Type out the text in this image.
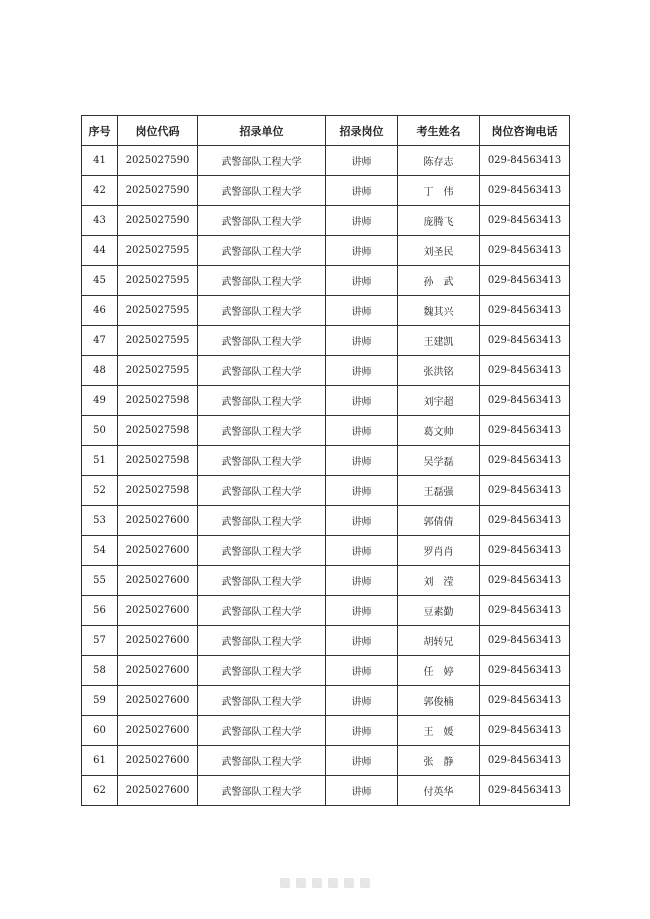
序号	岗位代码	招录单位	招录岗位	考生姓名	岗位咨询电话
41	2025027590	武警部队工程大学	讲师	陈存志	029-84563413
42	2025027590	武警部队工程大学	讲师	丁　伟	029-84563413
43	2025027590	武警部队工程大学	讲师	庞腾飞	029-84563413
44	2025027595	武警部队工程大学	讲师	刘圣民	029-84563413
45	2025027595	武警部队工程大学	讲师	孙　武	029-84563413
46	2025027595	武警部队工程大学	讲师	魏其兴	029-84563413
47	2025027595	武警部队工程大学	讲师	王建凯	029-84563413
48	2025027595	武警部队工程大学	讲师	张洪铭	029-84563413
49	2025027598	武警部队工程大学	讲师	刘宇超	029-84563413
50	2025027598	武警部队工程大学	讲师	葛文帅	029-84563413
51	2025027598	武警部队工程大学	讲师	吴学磊	029-84563413
52	2025027598	武警部队工程大学	讲师	王磊强	029-84563413
53	2025027600	武警部队工程大学	讲师	郭倩倩	029-84563413
54	2025027600	武警部队工程大学	讲师	罗肖肖	029-84563413
55	2025027600	武警部队工程大学	讲师	刘　滢	029-84563413
56	2025027600	武警部队工程大学	讲师	豆素勤	029-84563413
57	2025027600	武警部队工程大学	讲师	胡转兄	029-84563413
58	2025027600	武警部队工程大学	讲师	任　婷	029-84563413
59	2025027600	武警部队工程大学	讲师	郭俊楠	029-84563413
60	2025027600	武警部队工程大学	讲师	王　媛	029-84563413
61	2025027600	武警部队工程大学	讲师	张　静	029-84563413
62	2025027600	武警部队工程大学	讲师	付英华	029-84563413
